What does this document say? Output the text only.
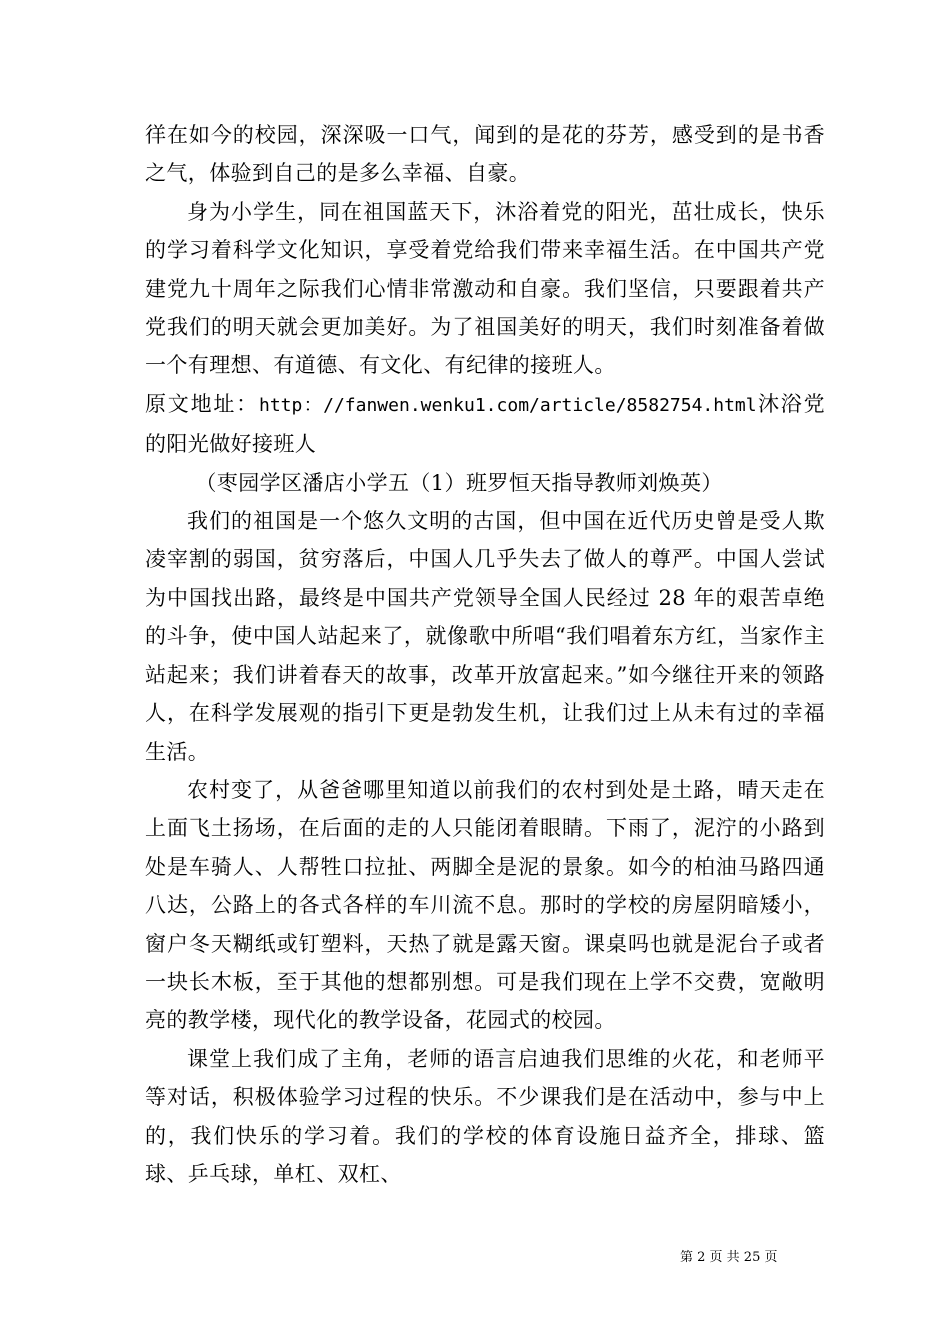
徉在如今的校园，深深吸一口气，闻到的是花的芬芳，感受到的是书香之气，体验到自己的是多么幸福、自豪。

身为小学生，同在祖国蓝天下，沐浴着党的阳光，茁壮成长，快乐的学习着科学文化知识，享受着党给我们带来幸福生活。在中国共产党建党九十周年之际我们心情非常激动和自豪。我们坚信，只要跟着共产党我们的明天就会更加美好。为了祖国美好的明天，我们时刻准备着做一个有理想、有道德、有文化、有纪律的接班人。

原文地址：http：//fanwen.wenku1.com/article/8582754.html沐浴党的阳光做好接班人

（枣园学区潘店小学五（1）班罗恒天指导教师刘焕英）

我们的祖国是一个悠久文明的古国，但中国在近代历史曾是受人欺凌宰割的弱国，贫穷落后，中国人几乎失去了做人的尊严。中国人尝试为中国找出路，最终是中国共产党领导全国人民经过 28 年的艰苦卓绝的斗争，使中国人站起来了，就像歌中所唱“我们唱着东方红，当家作主站起来；我们讲着春天的故事，改革开放富起来。”如今继往开来的领路人，在科学发展观的指引下更是勃发生机，让我们过上从未有过的幸福生活。

农村变了，从爸爸哪里知道以前我们的农村到处是土路，晴天走在上面飞土扬场，在后面的走的人只能闭着眼睛。下雨了，泥泞的小路到处是车骑人、人帮牲口拉扯、两脚全是泥的景象。如今的柏油马路四通八达，公路上的各式各样的车川流不息。那时的学校的房屋阴暗矮小，窗户冬天糊纸或钉塑料，天热了就是露天窗。课桌吗也就是泥台子或者一块长木板，至于其他的想都别想。可是我们现在上学不交费，宽敞明亮的教学楼，现代化的教学设备，花园式的校园。

课堂上我们成了主角，老师的语言启迪我们思维的火花，和老师平等对话，积极体验学习过程的快乐。不少课我们是在活动中，参与中上的，我们快乐的学习着。我们的学校的体育设施日益齐全，排球、篮球、乒乓球，单杠、双杠、

第 2 页 共 25 页
